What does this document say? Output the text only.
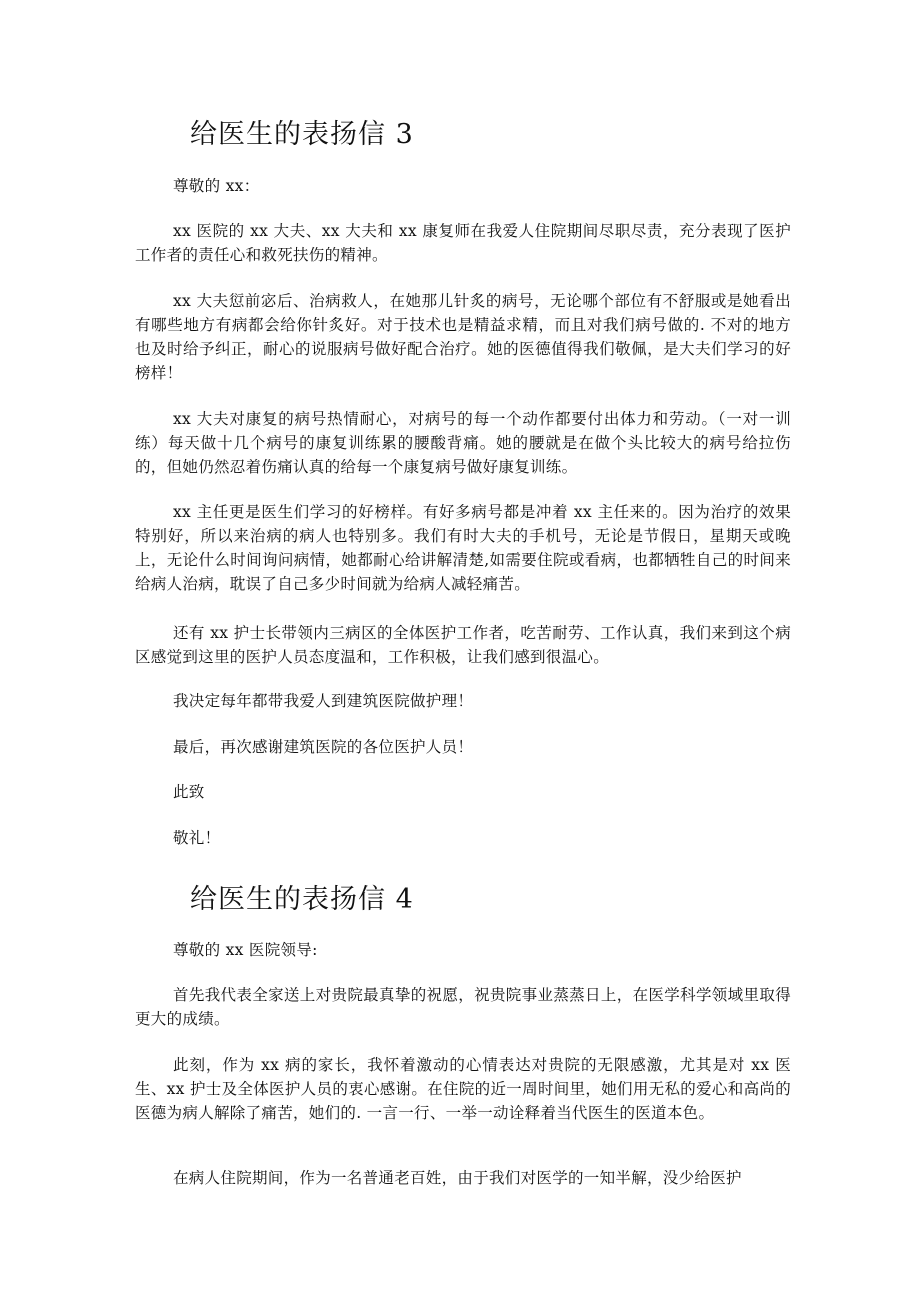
给医生的表扬信 3

尊敬的 xx：

xx 医院的 xx 大夫、xx 大夫和 xx 康复师在我爱人住院期间尽职尽责，充分表现了医护工作者的责任心和救死扶伤的精神。

xx 大夫愆前宓后、治病救人，在她那儿针炙的病号，无论哪个部位有不舒服或是她看出有哪些地方有病都会给你针炙好。对于技术也是精益求精，而且对我们病号做的. 不对的地方也及时给予纠正，耐心的说服病号做好配合治疗。她的医德值得我们敬佩，是大夫们学习的好榜样！

xx 大夫对康复的病号热情耐心，对病号的每一个动作都要付出体力和劳动。（一对一训练）每天做十几个病号的康复训练累的腰酸背痛。她的腰就是在做个头比较大的病号给拉伤的，但她仍然忍着伤痛认真的给每一个康复病号做好康复训练。

xx 主任更是医生们学习的好榜样。有好多病号都是冲着 xx 主任来的。因为治疗的效果特别好，所以来治病的病人也特别多。我们有时大夫的手机号，无论是节假日，星期天或晚上，无论什么时间询问病情，她都耐心给讲解清楚,如需要住院或看病，也都牺牲自己的时间来给病人治病，耽误了自己多少时间就为给病人减轻痛苦。

还有 xx 护士长带领内三病区的全体医护工作者，吃苦耐劳、工作认真，我们来到这个病区感觉到这里的医护人员态度温和，工作积极，让我们感到很温心。

我决定每年都带我爱人到建筑医院做护理！

最后，再次感谢建筑医院的各位医护人员！

此致

敬礼！

给医生的表扬信 4

尊敬的 xx 医院领导:

首先我代表全家送上对贵院最真挚的祝愿，祝贵院事业蒸蒸日上，在医学科学领域里取得更大的成绩。

此刻，作为 xx 病的家长，我怀着激动的心情表达对贵院的无限感激，尤其是对 xx 医生、xx 护士及全体医护人员的衷心感谢。在住院的近一周时间里，她们用无私的爱心和高尚的医德为病人解除了痛苦，她们的. 一言一行、一举一动诠释着当代医生的医道本色。

在病人住院期间，作为一名普通老百姓，由于我们对医学的一知半解，没少给医护
